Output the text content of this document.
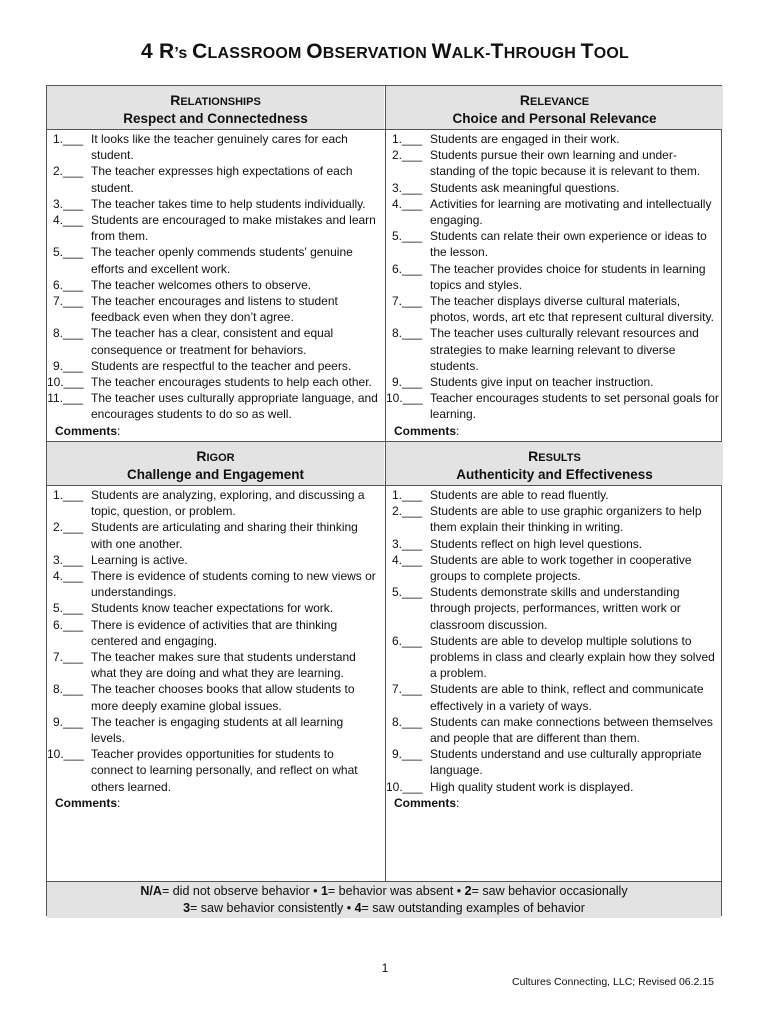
4 R’s CLASSROOM OBSERVATION WALK-THROUGH TOOL
RELATIONSHIPS
Respect and Connectedness
1.___ It looks like the teacher genuinely cares for each student.
2.___ The teacher expresses high expectations of each student.
3.___ The teacher takes time to help students individually.
4.___ Students are encouraged to make mistakes and learn from them.
5.___ The teacher openly commends students' genuine efforts and excellent work.
6.___ The teacher welcomes others to observe.
7.___ The teacher encourages and listens to student feedback even when they don’t agree.
8.___ The teacher has a clear, consistent and equal consequence or treatment for behaviors.
9.___ Students are respectful to the teacher and peers.
10.___ The teacher encourages students to help each other.
11.___ The teacher uses culturally appropriate language, and encourages students to do so as well.
Comments:
RELEVANCE
Choice and Personal Relevance
1.___ Students are engaged in their work.
2.___ Students pursue their own learning and under-standing of the topic because it is relevant to them.
3.___ Students ask meaningful questions.
4.___ Activities for learning are motivating and intellectually engaging.
5.___ Students can relate their own experience or ideas to the lesson.
6.___ The teacher provides choice for students in learning topics and styles.
7.___ The teacher displays diverse cultural materials, photos, words, art etc that represent cultural diversity.
8.___ The teacher uses culturally relevant resources and strategies to make learning relevant to diverse students.
9.___ Students give input on teacher instruction.
10.___ Teacher encourages students to set personal goals for learning.
Comments:
RIGOR
Challenge and Engagement
1.___ Students are analyzing, exploring, and discussing a topic, question, or problem.
2.___ Students are articulating and sharing their thinking with one another.
3.___ Learning is active.
4.___ There is evidence of students coming to new views or understandings.
5.___ Students know teacher expectations for work.
6.___ There is evidence of activities that are thinking centered and engaging.
7.___ The teacher makes sure that students understand what they are doing and what they are learning.
8.___ The teacher chooses books that allow students to more deeply examine global issues.
9.___ The teacher is engaging students at all learning levels.
10.___ Teacher provides opportunities for students to connect to learning personally, and reflect on what others learned.
Comments:
RESULTS
Authenticity and Effectiveness
1.___ Students are able to read fluently.
2.___ Students are able to use graphic organizers to help them explain their thinking in writing.
3.___ Students reflect on high level questions.
4.___ Students are able to work together in cooperative groups to complete projects.
5.___ Students demonstrate skills and understanding through projects, performances, written work or classroom discussion.
6.___ Students are able to develop multiple solutions to problems in class and clearly explain how they solved a problem.
7.___ Students are able to think, reflect and communicate effectively in a variety of ways.
8.___ Students can make connections between themselves and people that are different than them.
9.___ Students understand and use culturally appropriate language.
10.___ High quality student work is displayed.
Comments:
N/A= did not observe behavior • 1= behavior was absent • 2= saw behavior occasionally
3= saw behavior consistently • 4= saw outstanding examples of behavior
1
Cultures Connecting, LLC; Revised 06.2.15
